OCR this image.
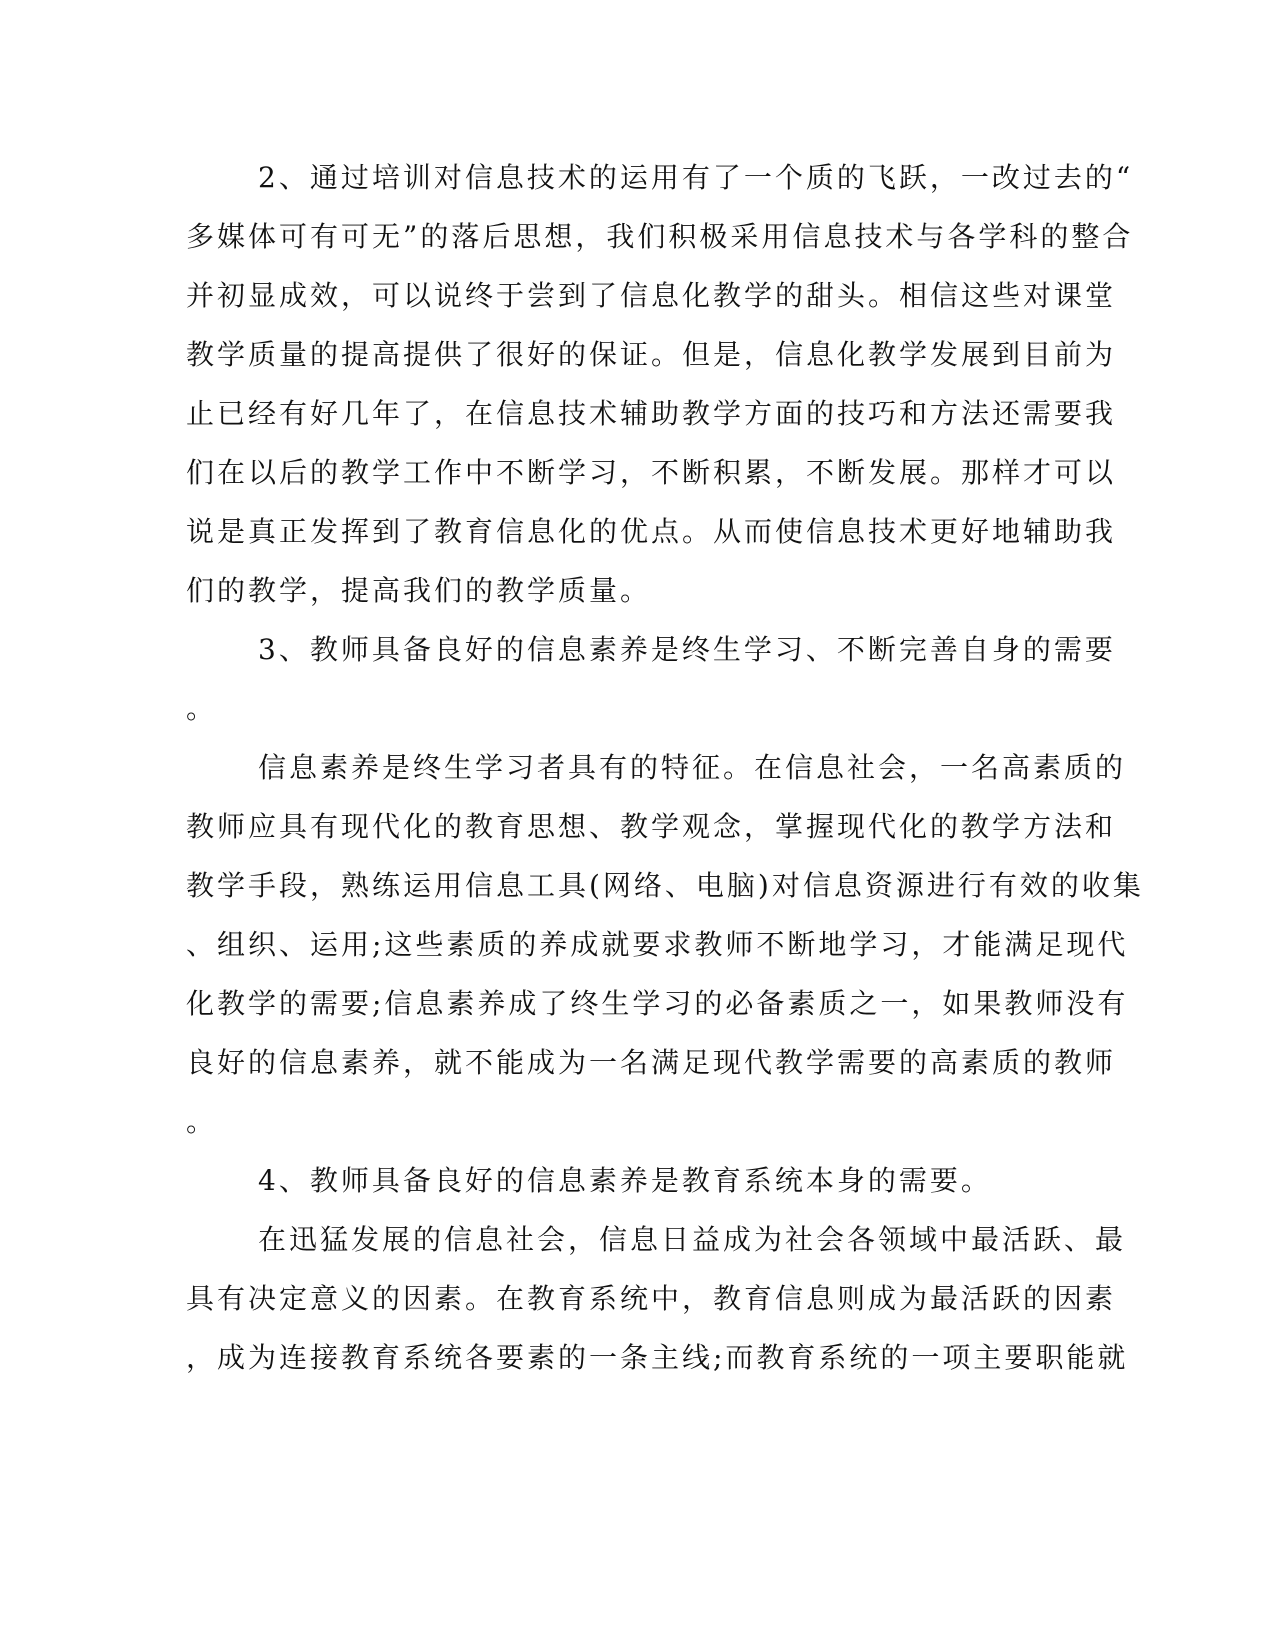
2、通过培训对信息技术的运用有了一个质的飞跃，一改过去的“
多媒体可有可无”的落后思想，我们积极采用信息技术与各学科的整合
并初显成效，可以说终于尝到了信息化教学的甜头。相信这些对课堂
教学质量的提高提供了很好的保证。但是，信息化教学发展到目前为
止已经有好几年了，在信息技术辅助教学方面的技巧和方法还需要我
们在以后的教学工作中不断学习，不断积累，不断发展。那样才可以
说是真正发挥到了教育信息化的优点。从而使信息技术更好地辅助我
们的教学，提高我们的教学质量。
3、教师具备良好的信息素养是终生学习、不断完善自身的需要
。
信息素养是终生学习者具有的特征。在信息社会，一名高素质的
教师应具有现代化的教育思想、教学观念，掌握现代化的教学方法和
教学手段，熟练运用信息工具(网络、电脑)对信息资源进行有效的收集
、组织、运用;这些素质的养成就要求教师不断地学习，才能满足现代
化教学的需要;信息素养成了终生学习的必备素质之一，如果教师没有
良好的信息素养，就不能成为一名满足现代教学需要的高素质的教师
。
4、教师具备良好的信息素养是教育系统本身的需要。
在迅猛发展的信息社会，信息日益成为社会各领域中最活跃、最
具有决定意义的因素。在教育系统中，教育信息则成为最活跃的因素
，成为连接教育系统各要素的一条主线;而教育系统的一项主要职能就
